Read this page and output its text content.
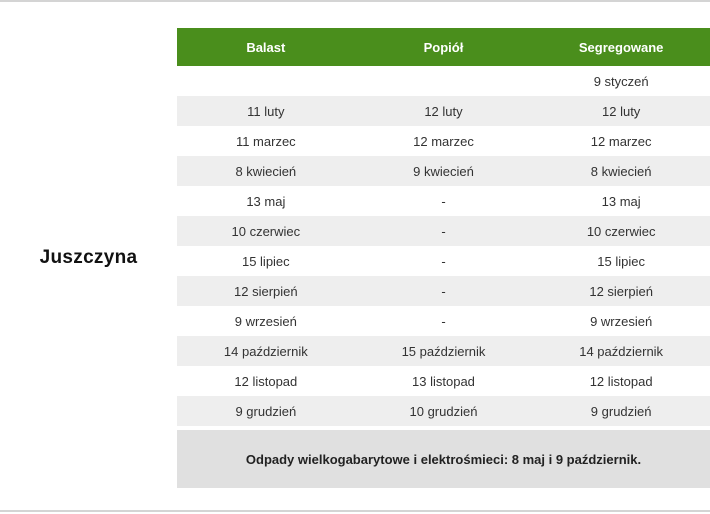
Juszczyna
Balast	Popiół	Segregowane
		9 styczeń
11 luty	12 luty	12 luty
11 marzec	12 marzec	12 marzec
8 kwiecień	9 kwiecień	8 kwiecień
13 maj	-	13 maj
10 czerwiec	-	10 czerwiec
15 lipiec	-	15 lipiec
12 sierpień	-	12 sierpień
9 wrzesień	-	9 wrzesień
14 październik	15 październik	14 październik
12 listopad	13 listopad	12 listopad
9 grudzień	10 grudzień	9 grudzień
Odpady wielkogabarytowe i elektrośmieci: 8 maj i 9 październik.
